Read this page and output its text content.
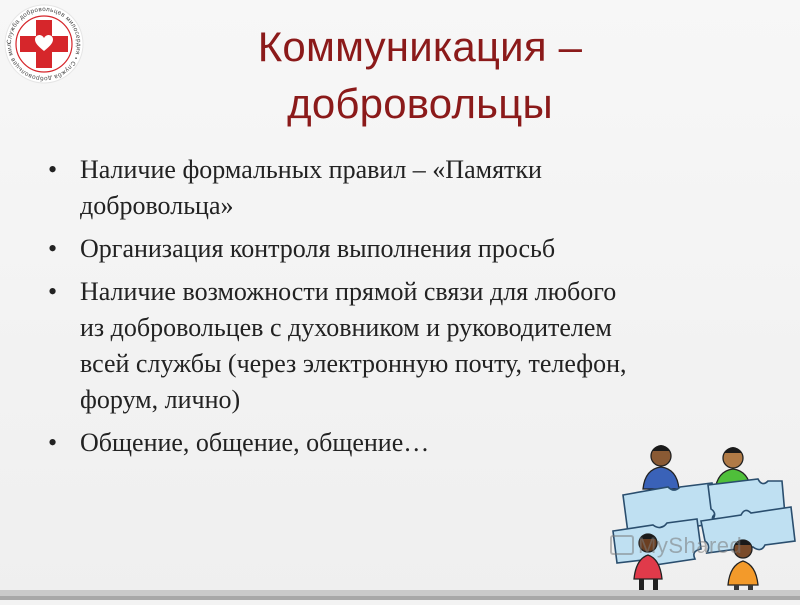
Служба добровольцев милосердия • Служба добровольцев мил	Коммуникация –
добровольцы
• Наличие формальных правил – «Памятки
добровольца»
• Организация контроля выполнения просьб
• Наличие возможности прямой связи для любого
из добровольцев с духовником и руководителем
всей службы (через электронную почту, телефон,
форум, лично)
• Общение, общение, общение…
MyShared
